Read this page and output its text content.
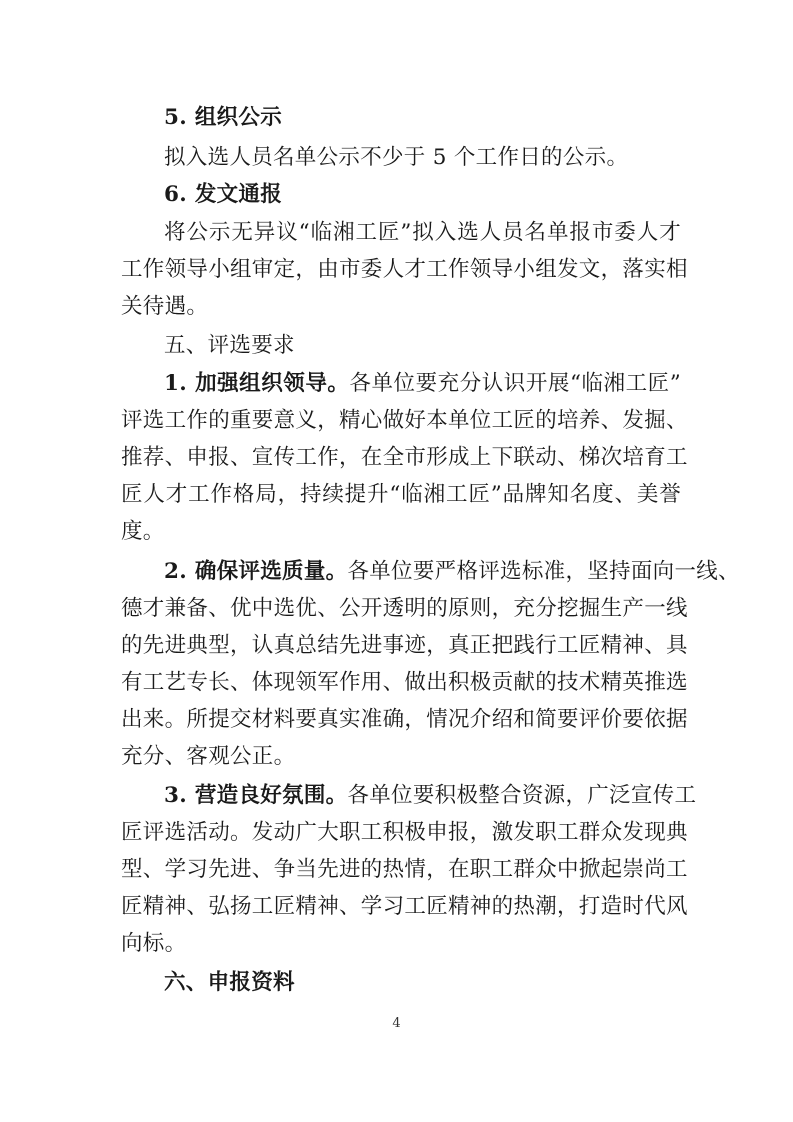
5. 组织公示
拟入选人员名单公示不少于 5 个工作日的公示。
6. 发文通报
将公示无异议“临湘工匠”拟入选人员名单报市委人才
工作领导小组审定，由市委人才工作领导小组发文，落实相
关待遇。
五、评选要求
1. 加强组织领导。各单位要充分认识开展“临湘工匠”
评选工作的重要意义，精心做好本单位工匠的培养、发掘、
推荐、申报、宣传工作，在全市形成上下联动、梯次培育工
匠人才工作格局，持续提升“临湘工匠”品牌知名度、美誉
度。
2. 确保评选质量。各单位要严格评选标准，坚持面向一线、
德才兼备、优中选优、公开透明的原则，充分挖掘生产一线
的先进典型，认真总结先进事迹，真正把践行工匠精神、具
有工艺专长、体现领军作用、做出积极贡献的技术精英推选
出来。所提交材料要真实准确，情况介绍和简要评价要依据
充分、客观公正。
3. 营造良好氛围。各单位要积极整合资源，广泛宣传工
匠评选活动。发动广大职工积极申报，激发职工群众发现典
型、学习先进、争当先进的热情，在职工群众中掀起崇尚工
匠精神、弘扬工匠精神、学习工匠精神的热潮，打造时代风
向标。
六、申报资料
4
